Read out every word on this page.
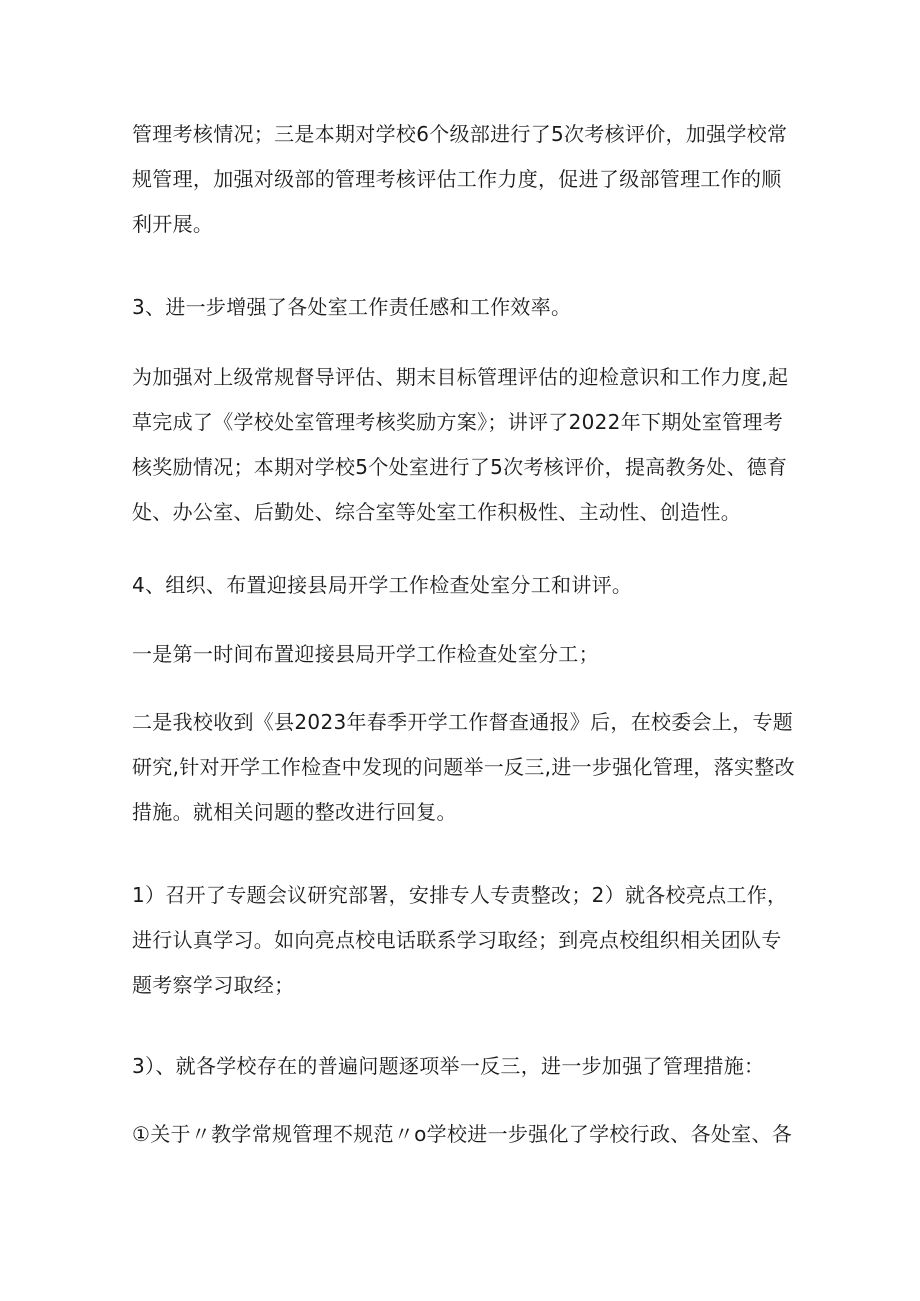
管理考核情况；三是本期对学校6个级部进行了5次考核评价，加强学校常规管理，加强对级部的管理考核评估工作力度，促进了级部管理工作的顺利开展。

3、进一步增强了各处室工作责任感和工作效率。

为加强对上级常规督导评估、期末目标管理评估的迎检意识和工作力度,起草完成了《学校处室管理考核奖励方案》；讲评了2022年下期处室管理考核奖励情况；本期对学校5个处室进行了5次考核评价，提高教务处、德育处、办公室、后勤处、综合室等处室工作积极性、主动性、创造性。

4、组织、布置迎接县局开学工作检查处室分工和讲评。

一是第一时间布置迎接县局开学工作检查处室分工；

二是我校收到《县2023年春季开学工作督查通报》后，在校委会上，专题研究,针对开学工作检查中发现的问题举一反三,进一步强化管理，落实整改措施。就相关问题的整改进行回复。

1）召开了专题会议研究部署，安排专人专责整改；2）就各校亮点工作，进行认真学习。如向亮点校电话联系学习取经；到亮点校组织相关团队专题考察学习取经；

3）、就各学校存在的普遍问题逐项举一反三，进一步加强了管理措施：

①关于〃教学常规管理不规范〃o学校进一步强化了学校行政、各处室、各
